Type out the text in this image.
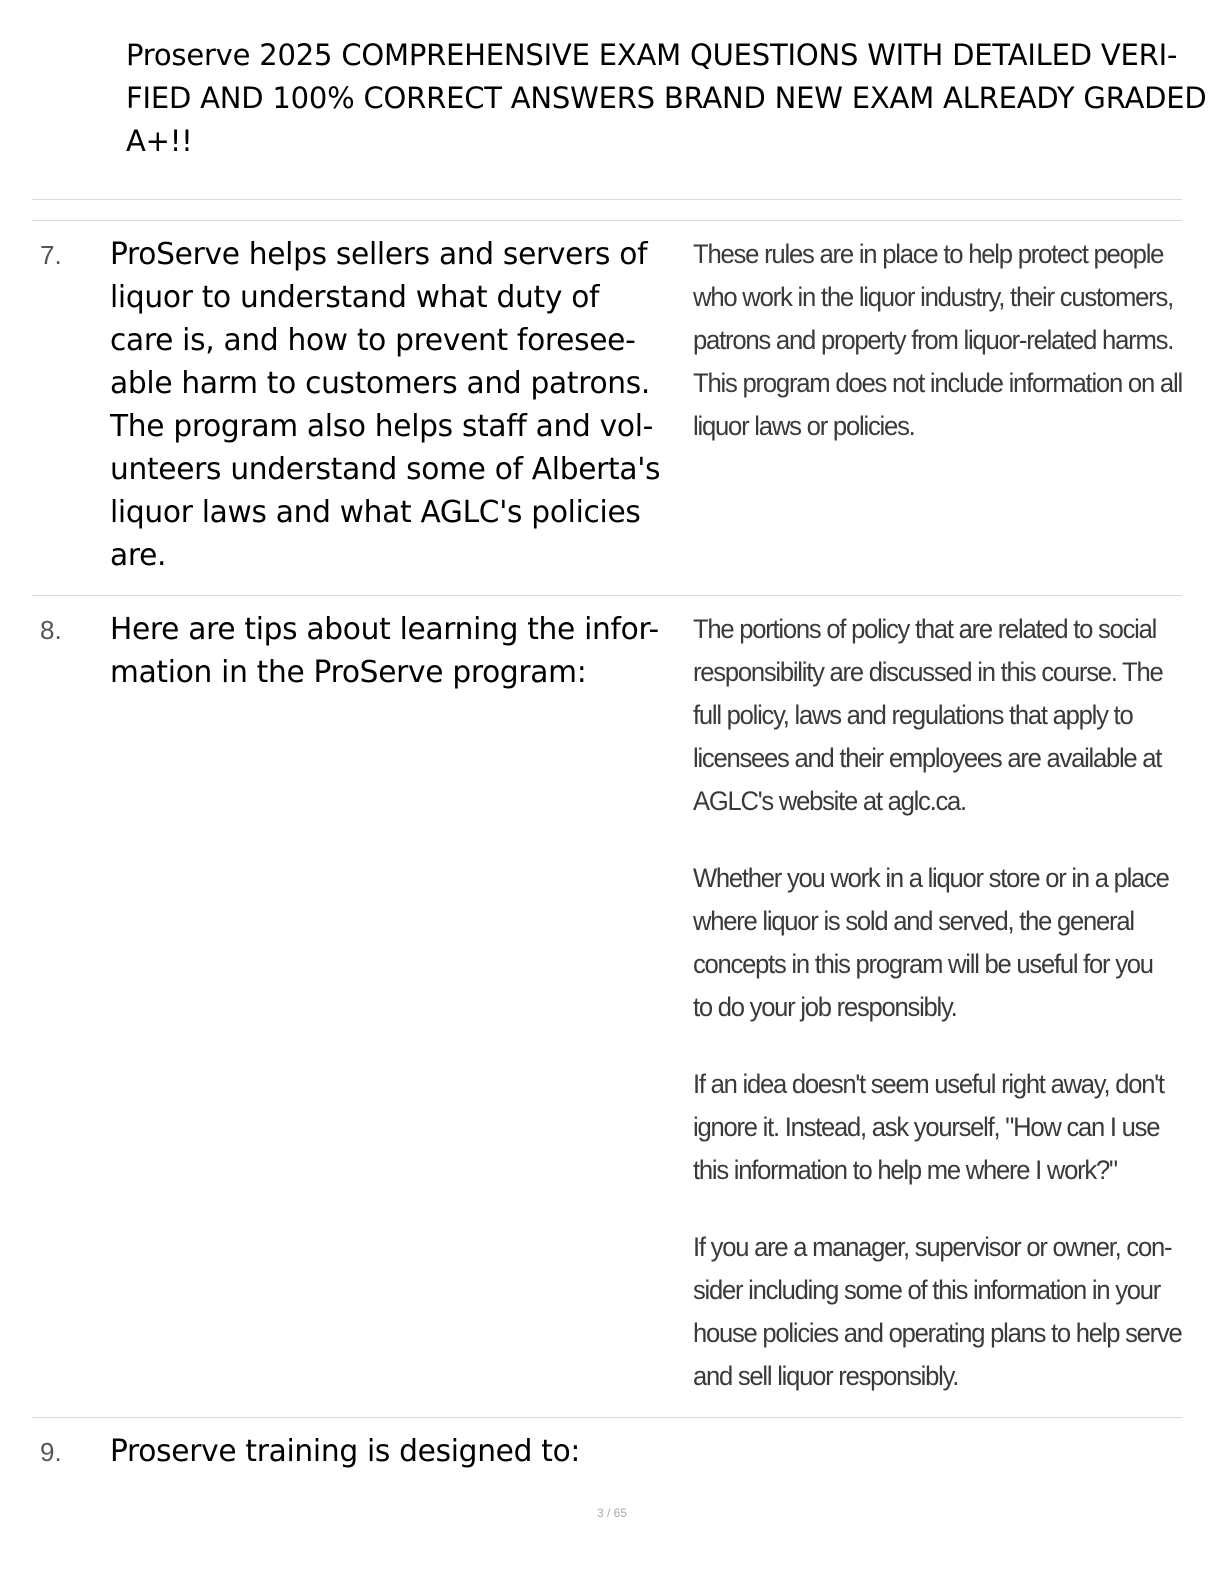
Proserve 2025 COMPREHENSIVE EXAM QUESTIONS WITH DETAILED VERI-
FIED AND 100% CORRECT ANSWERS BRAND NEW EXAM ALREADY GRADED
A+!!
7. ProServe helps sellers and servers of
liquor to understand what duty of
care is, and how to prevent foresee-
able harm to customers and patrons.
The program also helps staff and vol-
unteers understand some of Alberta's
liquor laws and what AGLC's policies
are.
These rules are in place to help protect people
who work in the liquor industry, their customers,
patrons and property from liquor-related harms.
This program does not include information on all
liquor laws or policies.
8. Here are tips about learning the infor-
mation in the ProServe program:
The portions of policy that are related to social
responsibility are discussed in this course. The
full policy, laws and regulations that apply to
licensees and their employees are available at
AGLC's website at aglc.ca.
Whether you work in a liquor store or in a place
where liquor is sold and served, the general
concepts in this program will be useful for you
to do your job responsibly.
If an idea doesn't seem useful right away, don't
ignore it. Instead, ask yourself, "How can I use
this information to help me where I work?"
If you are a manager, supervisor or owner, con-
sider including some of this information in your
house policies and operating plans to help serve
and sell liquor responsibly.
9. Proserve training is designed to:
3 / 65
